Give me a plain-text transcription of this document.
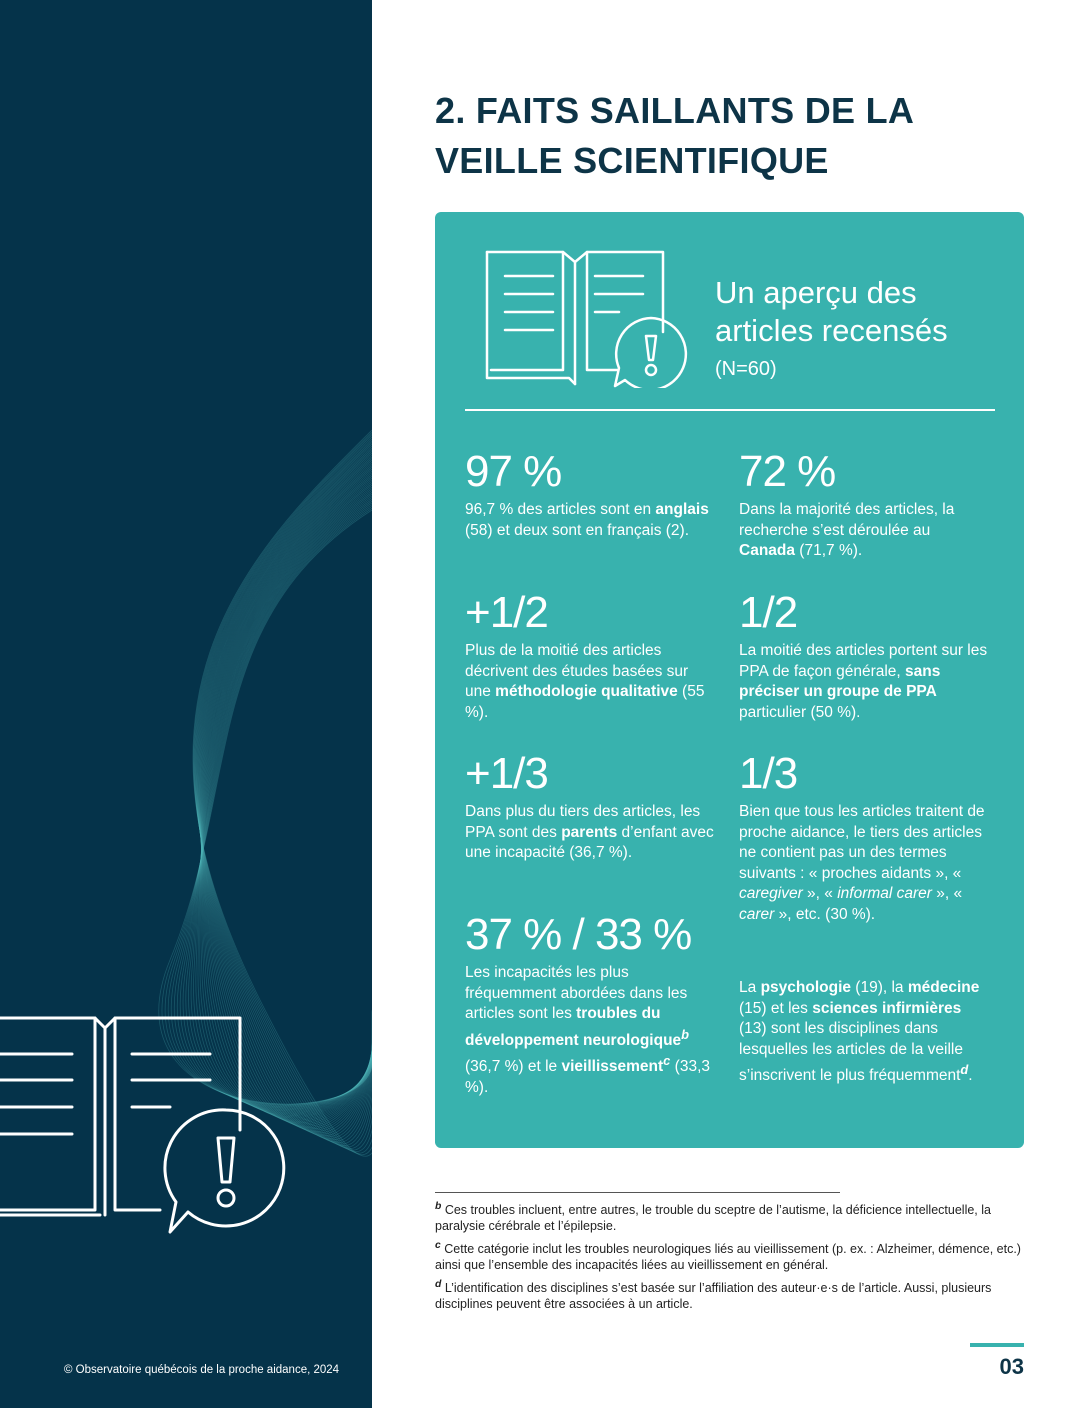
© Observatoire québécois de la proche aidance, 2024
2. FAITS SAILLANTS DE LA
VEILLE SCIENTIFIQUE
Un aperçu des
articles recensés
(N=60)
97 %
96,7 % des articles sont en anglais (58) et deux sont en français (2).
72 %
Dans la majorité des articles, la recherche s’est déroulée au Canada (71,7 %).
+1/2
Plus de la moitié des articles décrivent des études basées sur une méthodologie qualitative (55 %).
1/2
La moitié des articles portent sur les PPA de façon générale, sans préciser un groupe de PPA particulier (50 %).
+1/3
Dans plus du tiers des articles, les PPA sont des parents d’enfant avec une incapacité (36,7 %).
1/3
Bien que tous les articles traitent de proche aidance, le tiers des articles ne contient pas un des termes suivants : « proches aidants », « caregiver », « informal carer », « carer », etc. (30 %).
37 % / 33 %
Les incapacités les plus fréquemment abordées dans les articles sont les troubles du développement neurologique$^b$ (36,7 %) et le vieillissement$^c$ (33,3 %).
La psychologie (19), la médecine (15) et les sciences infirmières (13) sont les disciplines dans lesquelles les articles de la veille s’inscrivent le plus fréquemment$^d$.

$^b$ Ces troubles incluent, entre autres, le trouble du sceptre de l’autisme, la déficience intellectuelle, la paralysie cérébrale et l’épilepsie.

$^c$ Cette catégorie inclut les troubles neurologiques liés au vieillissement (p. ex. : Alzheimer, démence, etc.) ainsi que l’ensemble des incapacités liées au vieillissement en général.

$^d$ L’identification des disciplines s’est basée sur l’affiliation des auteur·e·s de l’article. Aussi, plusieurs disciplines peuvent être associées à un article.

03
